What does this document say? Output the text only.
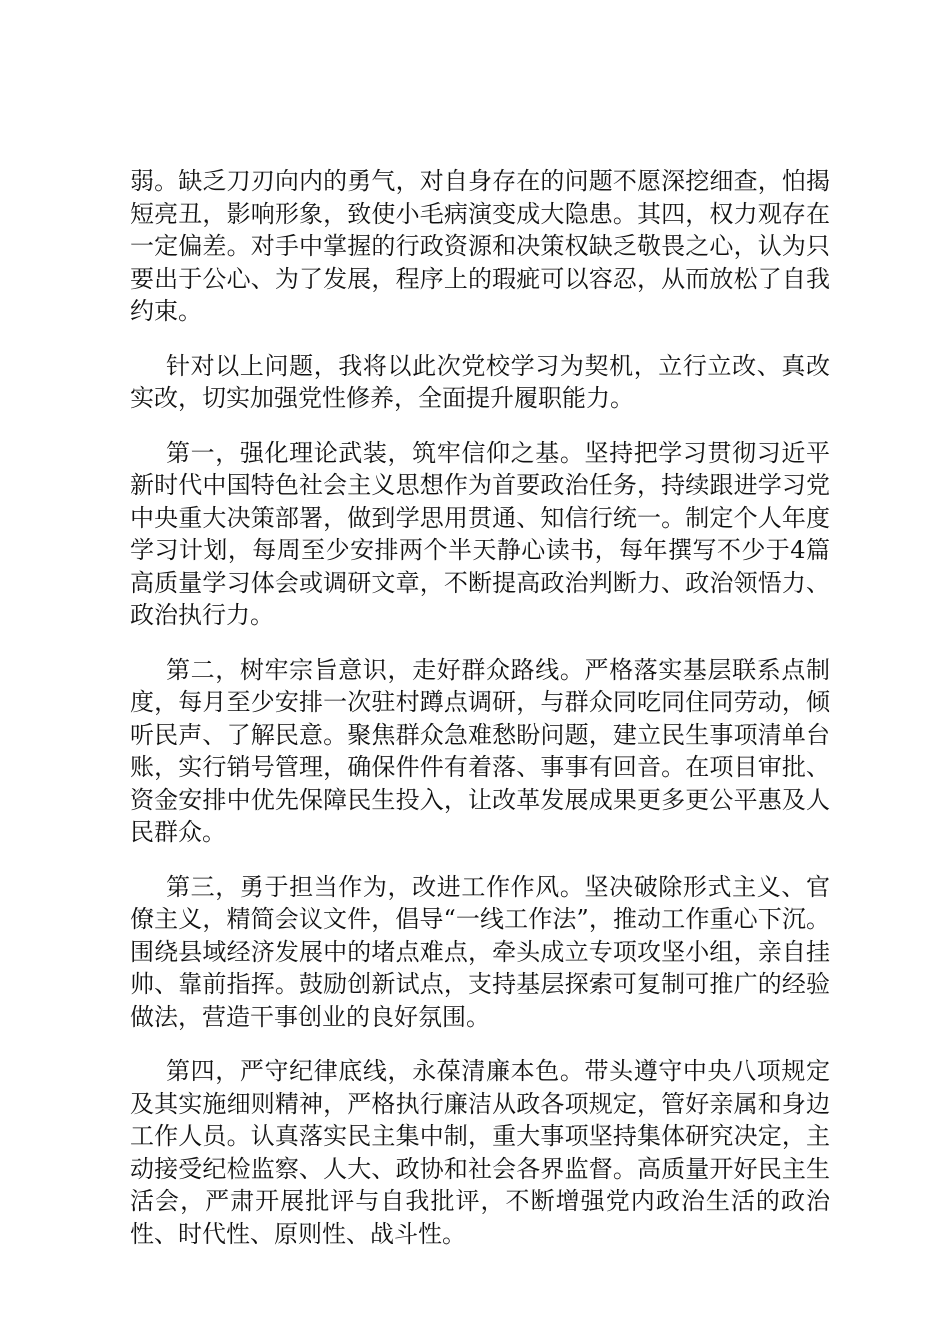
弱。缺乏刀刃向内的勇气，对自身存在的问题不愿深挖细查，怕揭短亮丑，影响形象，致使小毛病演变成大隐患。其四，权力观存在一定偏差。对手中掌握的行政资源和决策权缺乏敬畏之心，认为只要出于公心、为了发展，程序上的瑕疵可以容忍，从而放松了自我约束。

针对以上问题，我将以此次党校学习为契机，立行立改、真改实改，切实加强党性修养，全面提升履职能力。

第一，强化理论武装，筑牢信仰之基。坚持把学习贯彻习近平新时代中国特色社会主义思想作为首要政治任务，持续跟进学习党中央重大决策部署，做到学思用贯通、知信行统一。制定个人年度学习计划，每周至少安排两个半天静心读书，每年撰写不少于4篇高质量学习体会或调研文章，不断提高政治判断力、政治领悟力、政治执行力。

第二，树牢宗旨意识，走好群众路线。严格落实基层联系点制度，每月至少安排一次驻村蹲点调研，与群众同吃同住同劳动，倾听民声、了解民意。聚焦群众急难愁盼问题，建立民生事项清单台账，实行销号管理，确保件件有着落、事事有回音。在项目审批、资金安排中优先保障民生投入，让改革发展成果更多更公平惠及人民群众。

第三，勇于担当作为，改进工作作风。坚决破除形式主义、官僚主义，精简会议文件，倡导“一线工作法”，推动工作重心下沉。围绕县域经济发展中的堵点难点，牵头成立专项攻坚小组，亲自挂帅、靠前指挥。鼓励创新试点，支持基层探索可复制可推广的经验做法，营造干事创业的良好氛围。

第四，严守纪律底线，永葆清廉本色。带头遵守中央八项规定及其实施细则精神，严格执行廉洁从政各项规定，管好亲属和身边工作人员。认真落实民主集中制，重大事项坚持集体研究决定，主动接受纪检监察、人大、政协和社会各界监督。高质量开好民主生活会，严肃开展批评与自我批评，不断增强党内政治生活的政治性、时代性、原则性、战斗性。
